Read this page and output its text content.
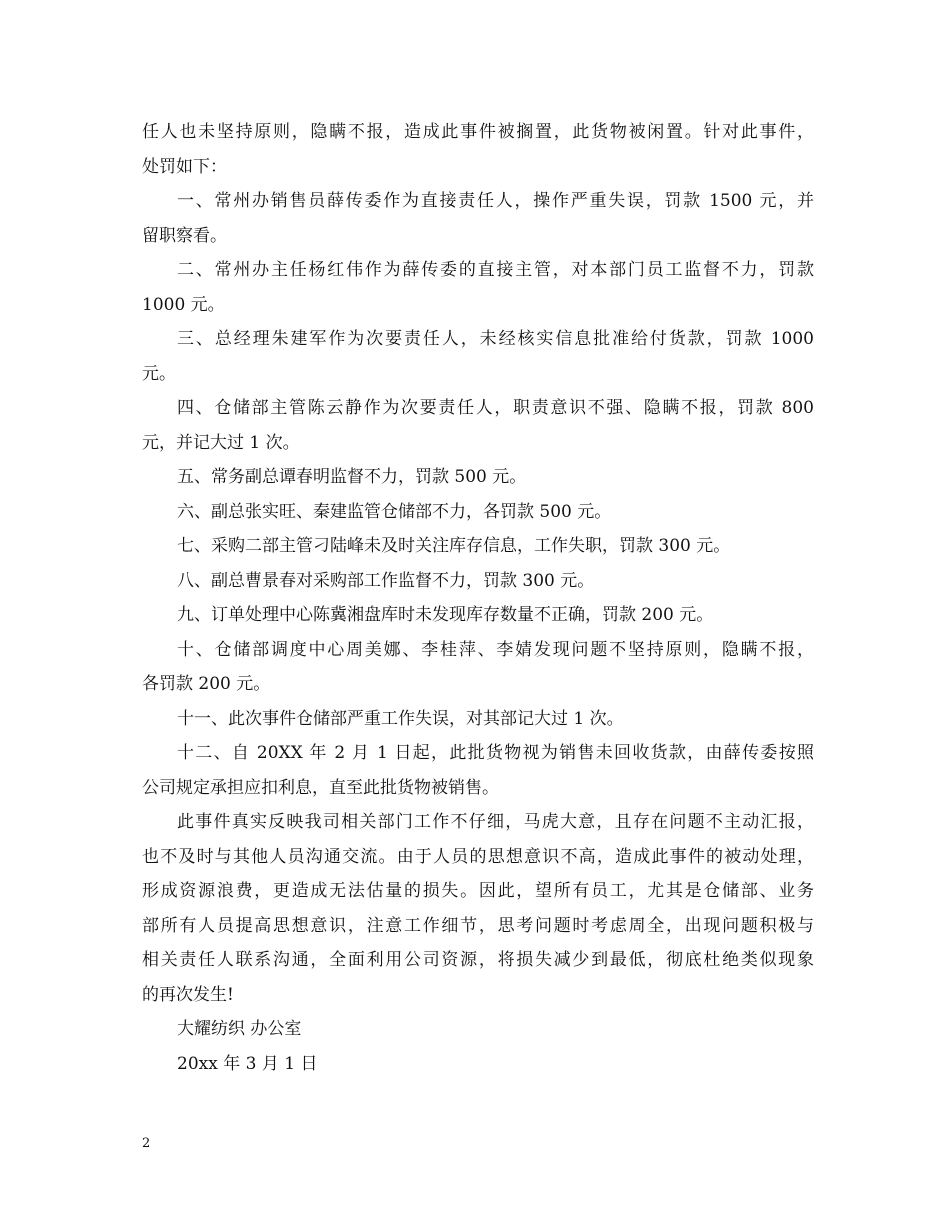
任人也未坚持原则，隐瞒不报，造成此事件被搁置，此货物被闲置。针对此事件，
处罚如下：
一、常州办销售员薛传委作为直接责任人，操作严重失误，罚款 1500 元，并
留职察看。
二、常州办主任杨红伟作为薛传委的直接主管，对本部门员工监督不力，罚款
1000 元。
三、总经理朱建军作为次要责任人，未经核实信息批准给付货款，罚款 1000
元。
四、仓储部主管陈云静作为次要责任人，职责意识不强、隐瞒不报，罚款 800
元，并记大过 1 次。
五、常务副总谭春明监督不力，罚款 500 元。
六、副总张实旺、秦建监管仓储部不力，各罚款 500 元。
七、采购二部主管刁陆峰未及时关注库存信息，工作失职，罚款 300 元。
八、副总曹景春对采购部工作监督不力，罚款 300 元。
九、订单处理中心陈冀湘盘库时未发现库存数量不正确，罚款 200 元。
十、仓储部调度中心周美娜、李桂萍、李婧发现问题不坚持原则，隐瞒不报，
各罚款 200 元。
十一、此次事件仓储部严重工作失误，对其部记大过 1 次。
十二、自 20XX 年 2 月 1 日起，此批货物视为销售未回收货款，由薛传委按照
公司规定承担应扣利息，直至此批货物被销售。
此事件真实反映我司相关部门工作不仔细，马虎大意，且存在问题不主动汇报，
也不及时与其他人员沟通交流。由于人员的思想意识不高，造成此事件的被动处理，
形成资源浪费，更造成无法估量的损失。因此，望所有员工，尤其是仓储部、业务
部所有人员提高思想意识，注意工作细节，思考问题时考虑周全，出现问题积极与
相关责任人联系沟通，全面利用公司资源，将损失减少到最低，彻底杜绝类似现象
的再次发生!
大耀纺织 办公室
20xx 年 3 月 1 日
2
